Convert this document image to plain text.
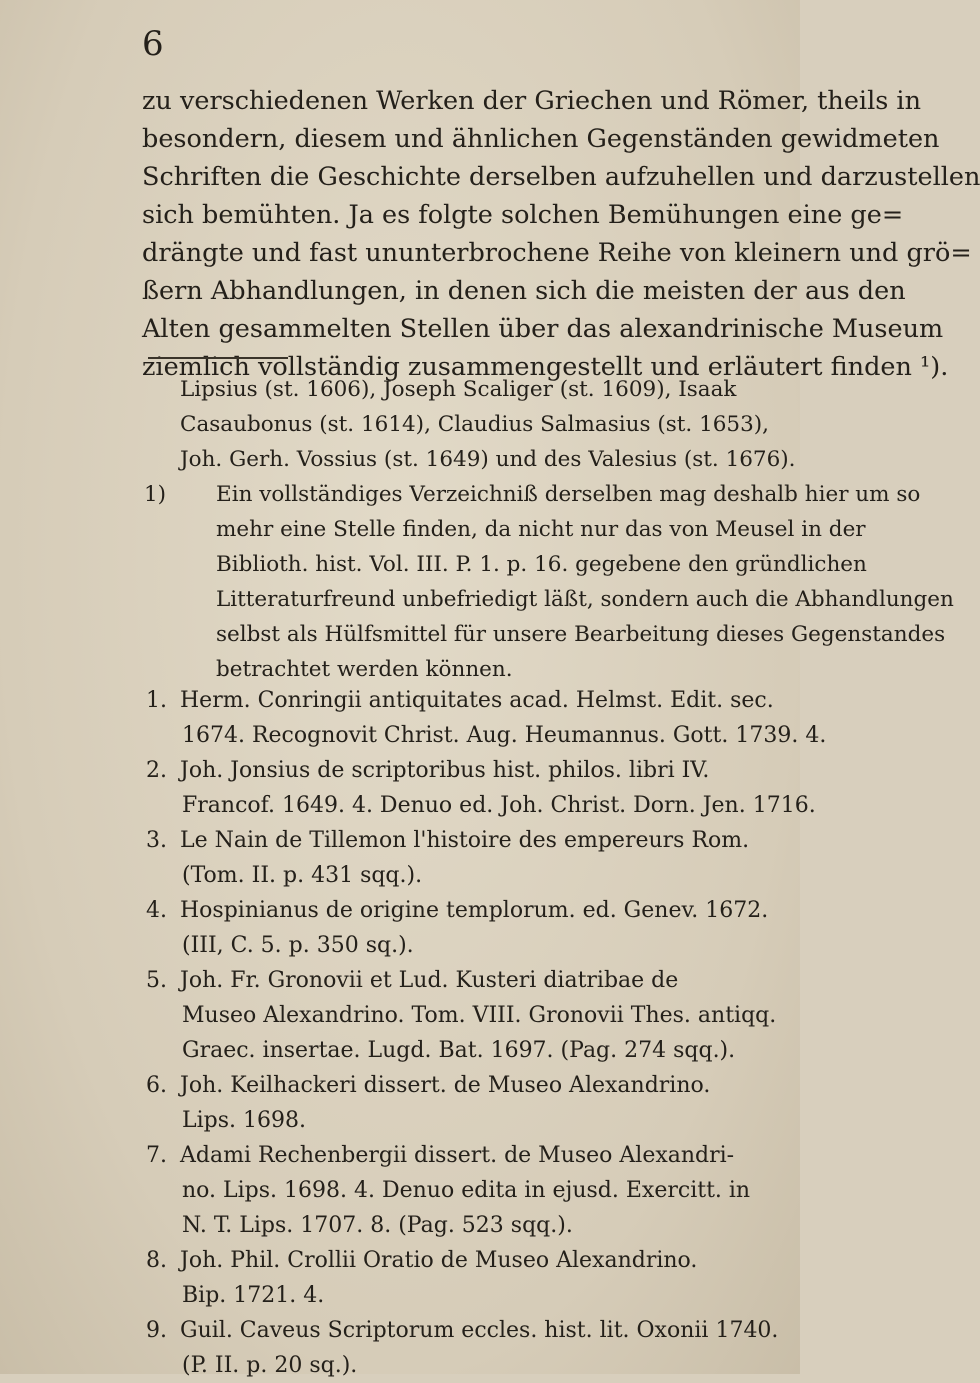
6
zu verschiedenen Werken der Griechen und Römer, theils in
besondern, diesem und ähnlichen Gegenständen gewidmeten
Schriften die Geschichte derselben aufzuhellen und darzustellen
sich bemühten. Ja es folgte solchen Bemühungen eine ge=
drängte und fast ununterbrochene Reihe von kleinern und grö=
ßern Abhandlungen, in denen sich die meisten der aus den
Alten gesammelten Stellen über das alexandrinische Museum
ziemlich vollständig zusammengestellt und erläutert finden ¹).
Lipsius (st. 1606), Joseph Scaliger (st. 1609), Isaak
Casaubonus (st. 1614), Claudius Salmasius (st. 1653),
Joh. Gerh. Vossius (st. 1649) und des Valesius (st. 1676).
1)	Ein vollständiges Verzeichniß derselben mag deshalb hier um so
mehr eine Stelle finden, da nicht nur das von Meusel in der
Biblioth. hist. Vol. III. P. 1. p. 16. gegebene den gründlichen
Litteraturfreund unbefriedigt läßt, sondern auch die Abhandlungen
selbst als Hülfsmittel für unsere Bearbeitung dieses Gegenstandes
betrachtet werden können.
1. Herm. Conringii antiquitates acad. Helmst. Edit. sec.
1674. Recognovit Christ. Aug. Heumannus. Gott. 1739. 4.
2. Joh. Jonsius de scriptoribus hist. philos. libri IV.
Francof. 1649. 4. Denuo ed. Joh. Christ. Dorn. Jen. 1716.
3. Le Nain de Tillemon l'histoire des empereurs Rom.
(Tom. II. p. 431 sqq.).
4. Hospinianus de origine templorum. ed. Genev. 1672.
(III, C. 5. p. 350 sq.).
5. Joh. Fr. Gronovii et Lud. Kusteri diatribae de
Museo Alexandrino. Tom. VIII. Gronovii Thes. antiqq.
Graec. insertae. Lugd. Bat. 1697. (Pag. 274 sqq.).
6. Joh. Keilhackeri dissert. de Museo Alexandrino.
Lips. 1698.
7. Adami Rechenbergii dissert. de Museo Alexandri-
no. Lips. 1698. 4. Denuo edita in ejusd. Exercitt. in
N. T. Lips. 1707. 8. (Pag. 523 sqq.).
8. Joh. Phil. Crollii Oratio de Museo Alexandrino.
Bip. 1721. 4.
9. Guil. Caveus Scriptorum eccles. hist. lit. Oxonii 1740.
(P. II. p. 20 sq.).
